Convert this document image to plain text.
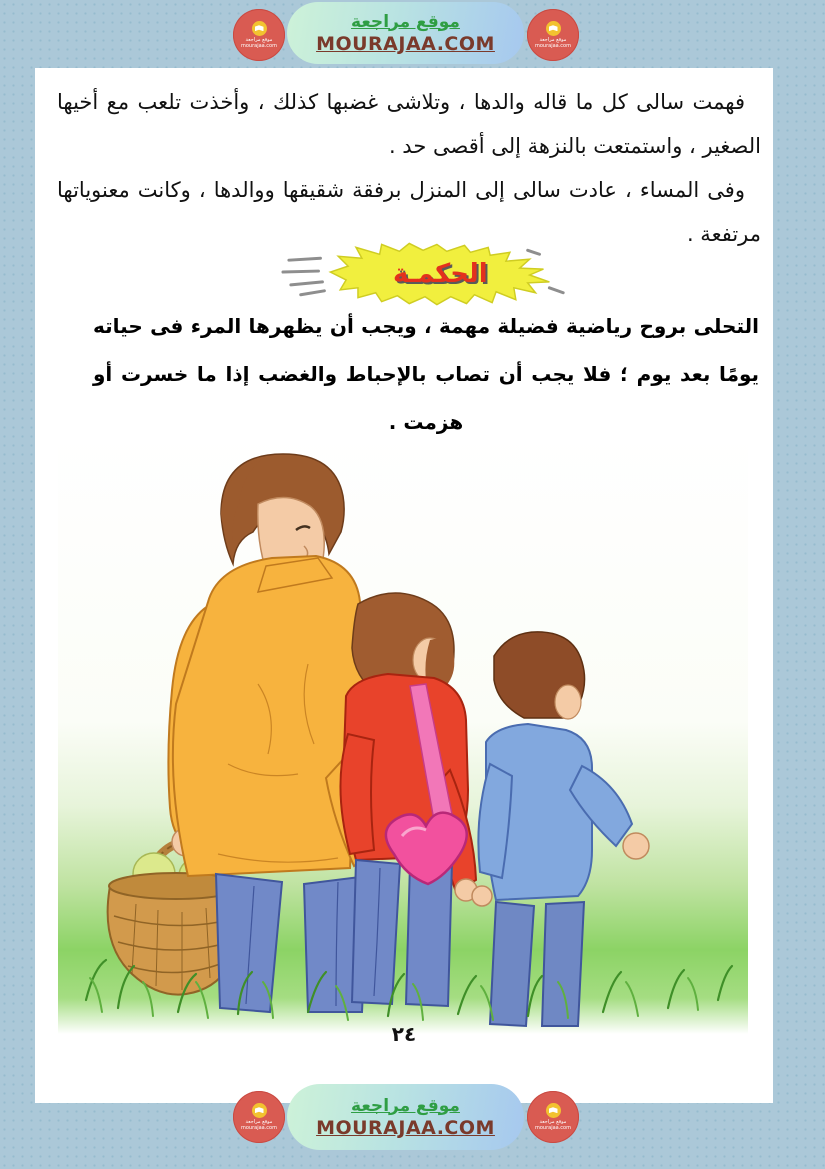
موقع مراجعة
mourajaa.com
موقع مراجعة
MOURAJAA.COM	موقع مراجعة
mourajaa.com

فهمت سالى كل ما قاله والدها ، وتلاشى غضبها كذلك ، وأخذت تلعب مع أخيها الصغير ، واستمتعت بالنزهة إلى أقصى حد .

وفى المساء ، عادت سالى إلى المنزل برفقة شقيقها ووالدها ، وكانت معنوياتها مرتفعة .

الحكمـة

التحلى بروح رياضية فضيلة مهمة ، ويجب أن يظهرها المرء فى حياته يومًا بعد يوم ؛ فلا يجب أن تصاب بالإحباط والغضب إذا ما خسرت أو هزمت .

٢٤
موقع مراجعة
mourajaa.com
موقع مراجعة
MOURAJAA.COM	موقع مراجعة
mourajaa.com
